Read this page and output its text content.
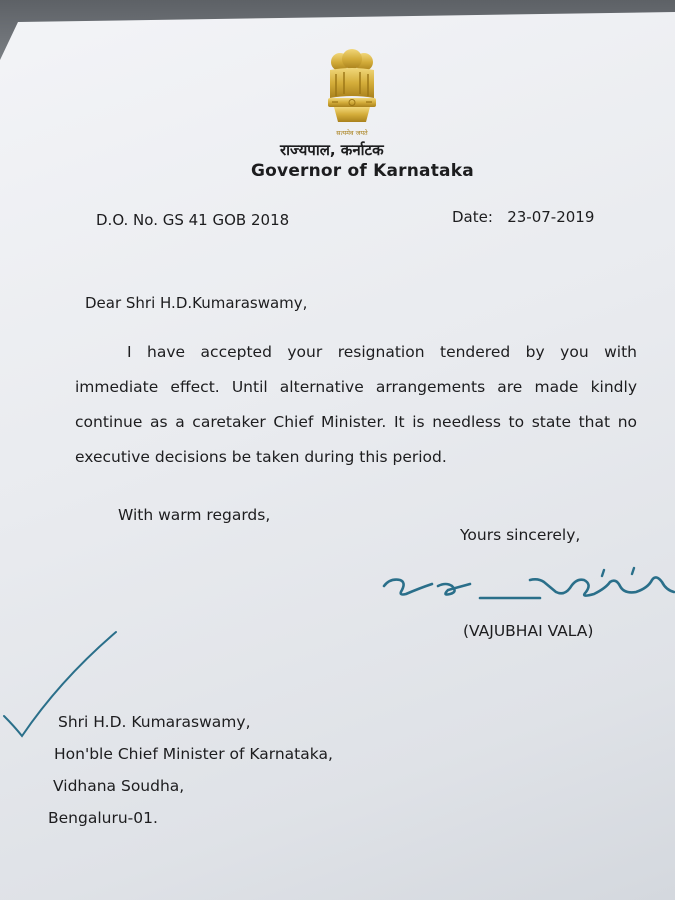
सत्यमेव जयते
राज्यपाल, कर्नाटक
Governor of Karnataka
D.O. No. GS 41 GOB 2018	Date: 23-07-2019
Dear Shri H.D.Kumaraswamy,
I have accepted your resignation tendered by you with immediate effect. Until alternative arrangements are made kindly continue as a caretaker Chief Minister. It is needless to state that no executive decisions be taken during this period.
With warm regards,
Yours sincerely,
(VAJUBHAI VALA)
Shri H.D. Kumaraswamy,
Hon'ble Chief Minister of Karnataka,
Vidhana Soudha,
Bengaluru-01.
